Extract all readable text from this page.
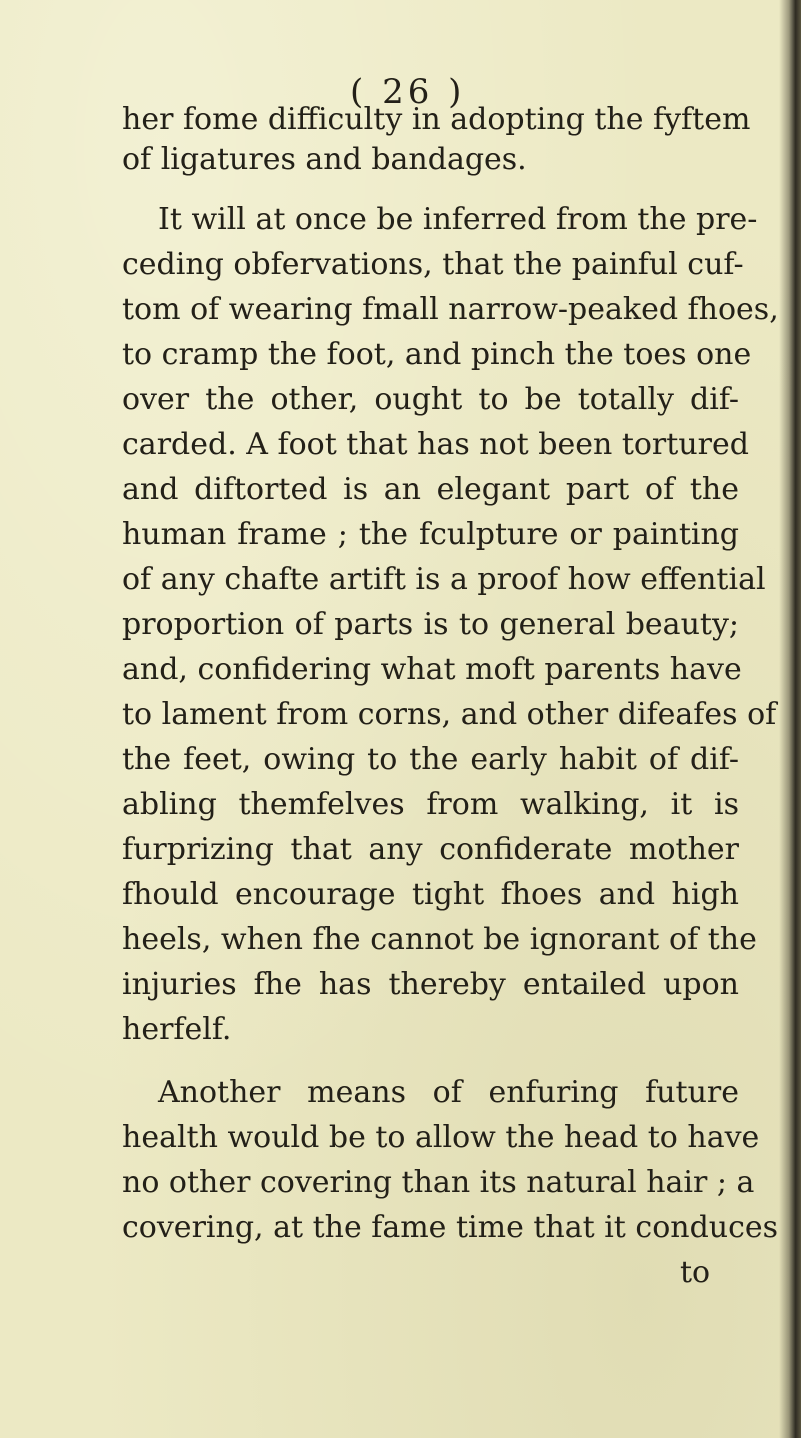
( 26 )
her fome difficulty in adopting the fyftem
of ligatures and bandages.
It will at once be inferred from the pre-
ceding obfervations, that the painful cuf-
tom of wearing fmall narrow-peaked fhoes,
to cramp the foot, and pinch the toes one
over the other, ought to be totally dif-
carded. A foot that has not been tortured
and diftorted is an elegant part of the
human frame ; the fculpture or painting
of any chafte artift is a proof how effential
proportion of parts is to general beauty;
and, confidering what moft parents have
to lament from corns, and other difeafes of
the feet, owing to the early habit of dif-
abling themfelves from walking, it is
furprizing that any confiderate mother
fhould encourage tight fhoes and high
heels, when fhe cannot be ignorant of the
injuries fhe has thereby entailed upon
herfelf.
Another means of enfuring future
health would be to allow the head to have
no other covering than its natural hair ; a
covering, at the fame time that it conduces
to
